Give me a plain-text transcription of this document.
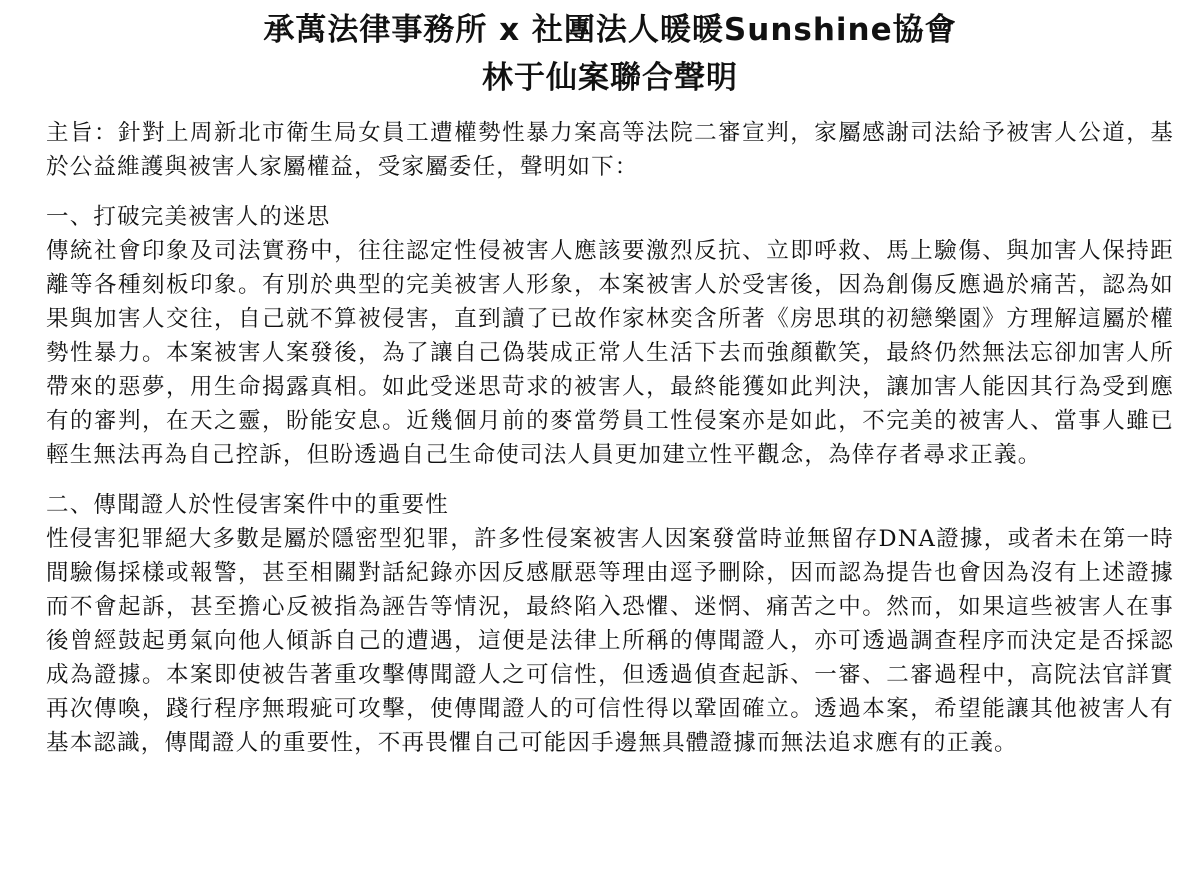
承萬法律事務所 x 社團法人暖暖Sunshine協會
林于仙案聯合聲明

主旨：針對上周新北市衛生局女員工遭權勢性暴力案高等法院二審宣判，家屬感謝司法給予被害人公道，基於公益維護與被害人家屬權益，受家屬委任，聲明如下：

一、打破完美被害人的迷思

傳統社會印象及司法實務中，往往認定性侵被害人應該要激烈反抗、立即呼救、馬上驗傷、與加害人保持距離等各種刻板印象。有別於典型的完美被害人形象，本案被害人於受害後，因為創傷反應過於痛苦，認為如果與加害人交往，自己就不算被侵害，直到讀了已故作家林奕含所著《房思琪的初戀樂園》方理解這屬於權勢性暴力。本案被害人案發後，為了讓自己偽裝成正常人生活下去而強顏歡笑，最終仍然無法忘卻加害人所帶來的惡夢，用生命揭露真相。如此受迷思苛求的被害人，最終能獲如此判決，讓加害人能因其行為受到應有的審判，在天之靈，盼能安息。近幾個月前的麥當勞員工性侵案亦是如此，不完美的被害人、當事人雖已輕生無法再為自己控訴，但盼透過自己生命使司法人員更加建立性平觀念，為倖存者尋求正義。

二、傳聞證人於性侵害案件中的重要性

性侵害犯罪絕大多數是屬於隱密型犯罪，許多性侵案被害人因案發當時並無留存DNA證據，或者未在第一時間驗傷採樣或報警，甚至相關對話紀錄亦因反感厭惡等理由逕予刪除，因而認為提告也會因為沒有上述證據而不會起訴，甚至擔心反被指為誣告等情況，最終陷入恐懼、迷惘、痛苦之中。然而，如果這些被害人在事後曾經鼓起勇氣向他人傾訴自己的遭遇，這便是法律上所稱的傳聞證人，亦可透過調查程序而決定是否採認成為證據。本案即使被告著重攻擊傳聞證人之可信性，但透過偵查起訴、一審、二審過程中，高院法官詳實再次傳喚，踐行程序無瑕疵可攻擊，使傳聞證人的可信性得以鞏固確立。透過本案，希望能讓其他被害人有基本認識，傳聞證人的重要性，不再畏懼自己可能因手邊無具體證據而無法追求應有的正義。
